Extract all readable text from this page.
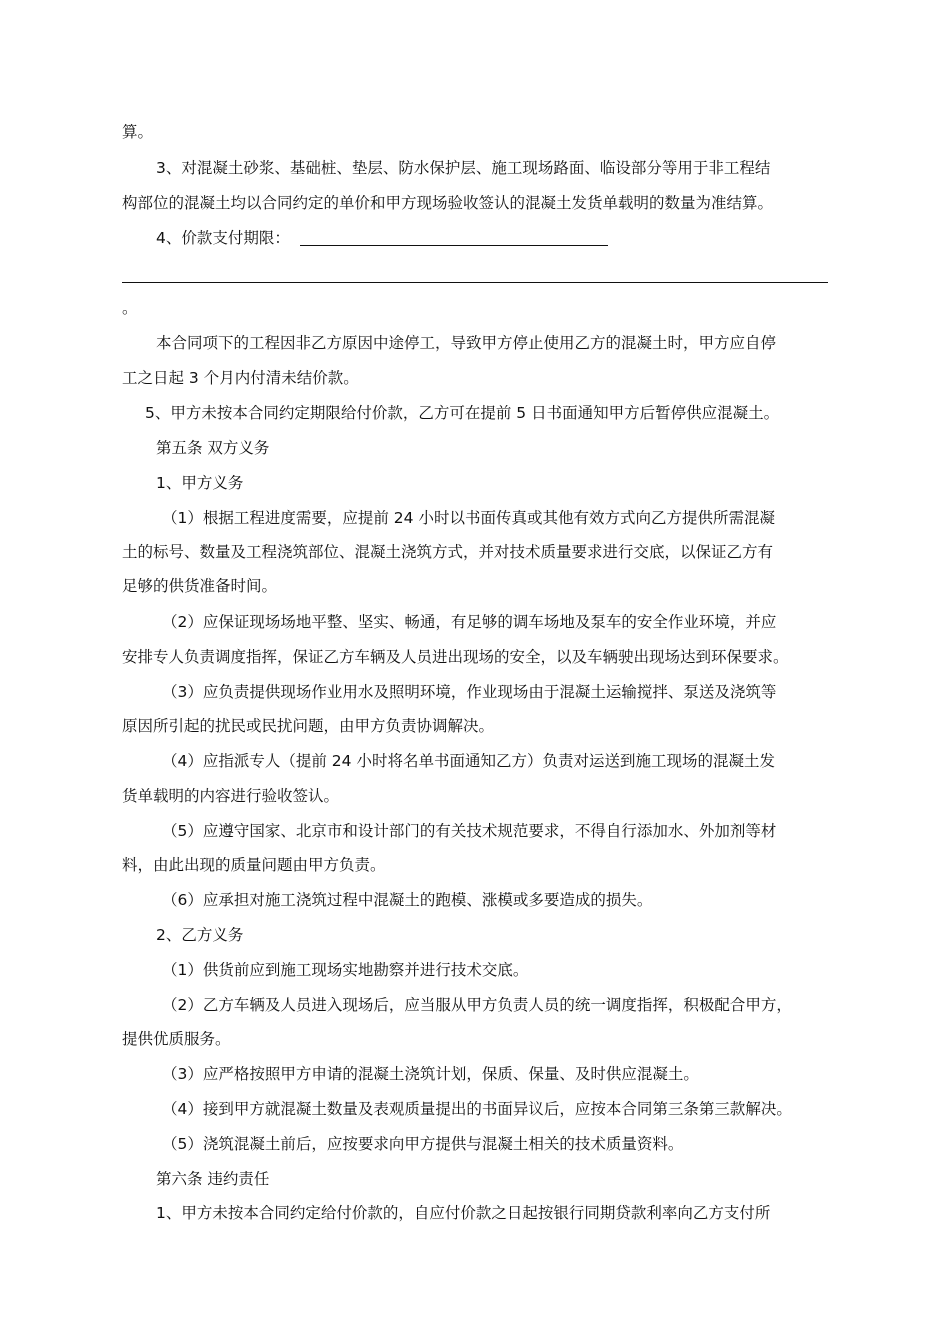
算。
3、对混凝土砂浆、基础桩、垫层、防水保护层、施工现场路面、临设部分等用于非工程结
构部位的混凝土均以合同约定的单价和甲方现场验收签认的混凝土发货单载明的数量为准结算。
4、价款支付期限：
。
本合同项下的工程因非乙方原因中途停工，导致甲方停止使用乙方的混凝土时，甲方应自停
工之日起 3 个月内付清未结价款。
5、甲方未按本合同约定期限给付价款，乙方可在提前 5 日书面通知甲方后暂停供应混凝土。
第五条 双方义务
1、甲方义务
（1）根据工程进度需要，应提前 24 小时以书面传真或其他有效方式向乙方提供所需混凝
土的标号、数量及工程浇筑部位、混凝土浇筑方式，并对技术质量要求进行交底，以保证乙方有
足够的供货准备时间。
（2）应保证现场场地平整、坚实、畅通，有足够的调车场地及泵车的安全作业环境，并应
安排专人负责调度指挥，保证乙方车辆及人员进出现场的安全，以及车辆驶出现场达到环保要求。
（3）应负责提供现场作业用水及照明环境，作业现场由于混凝土运输搅拌、泵送及浇筑等
原因所引起的扰民或民扰问题，由甲方负责协调解决。
（4）应指派专人（提前 24 小时将名单书面通知乙方）负责对运送到施工现场的混凝土发
货单载明的内容进行验收签认。
（5）应遵守国家、北京市和设计部门的有关技术规范要求，不得自行添加水、外加剂等材
料，由此出现的质量问题由甲方负责。
（6）应承担对施工浇筑过程中混凝土的跑模、涨模或多要造成的损失。
2、乙方义务
（1）供货前应到施工现场实地勘察并进行技术交底。
（2）乙方车辆及人员进入现场后，应当服从甲方负责人员的统一调度指挥，积极配合甲方，
提供优质服务。
（3）应严格按照甲方申请的混凝土浇筑计划，保质、保量、及时供应混凝土。
（4）接到甲方就混凝土数量及表观质量提出的书面异议后，应按本合同第三条第三款解决。
（5）浇筑混凝土前后，应按要求向甲方提供与混凝土相关的技术质量资料。
第六条 违约责任
1、甲方未按本合同约定给付价款的，自应付价款之日起按银行同期贷款利率向乙方支付所
